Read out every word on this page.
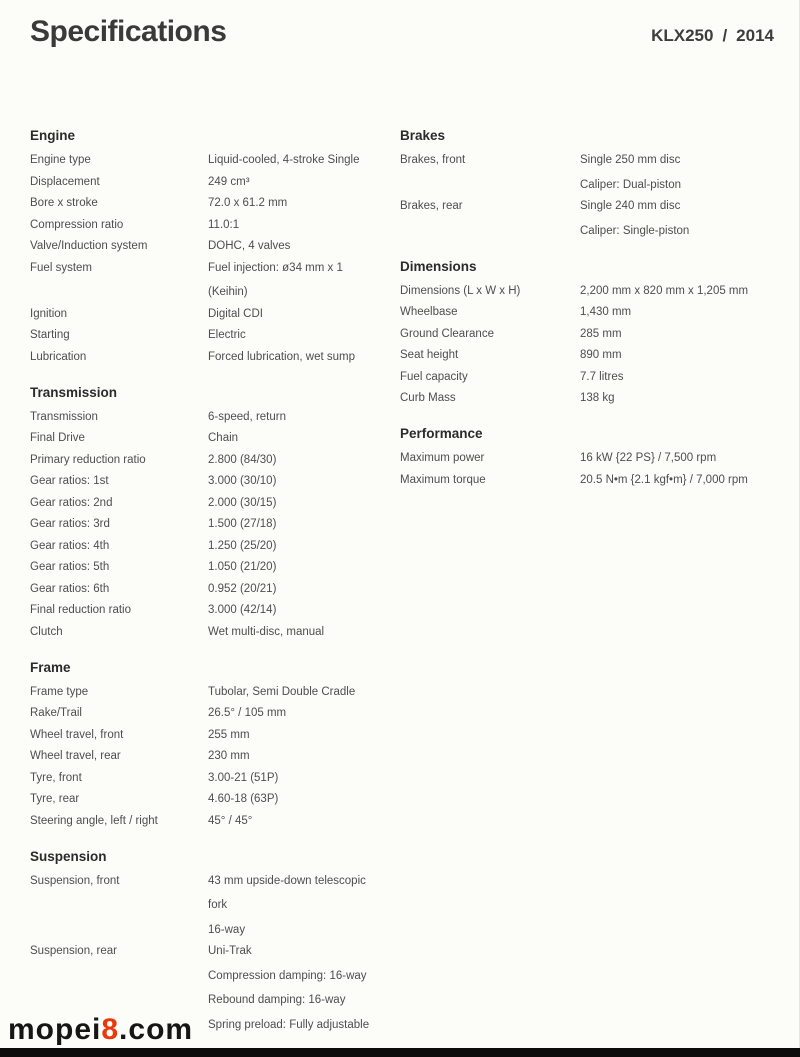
Specifications	KLX250 / 2014
Engine
Engine type	Liquid-cooled, 4-stroke Single
Displacement	249 cm³
Bore x stroke	72.0 x 61.2 mm
Compression ratio	11.0:1
Valve/Induction system	DOHC, 4 valves
Fuel system	Fuel injection: ø34 mm x 1
(Keihin)
Ignition	Digital CDI
Starting	Electric
Lubrication	Forced lubrication, wet sump
Transmission
Transmission	6-speed, return
Final Drive	Chain
Primary reduction ratio	2.800 (84/30)
Gear ratios: 1st	3.000 (30/10)
Gear ratios: 2nd	2.000 (30/15)
Gear ratios: 3rd	1.500 (27/18)
Gear ratios: 4th	1.250 (25/20)
Gear ratios: 5th	1.050 (21/20)
Gear ratios: 6th	0.952 (20/21)
Final reduction ratio	3.000 (42/14)
Clutch	Wet multi-disc, manual
Frame
Frame type	Tubolar, Semi Double Cradle
Rake/Trail	26.5° / 105 mm
Wheel travel, front	255 mm
Wheel travel, rear	230 mm
Tyre, front	3.00-21 (51P)
Tyre, rear	4.60-18 (63P)
Steering angle, left / right	45° / 45°
Suspension
Suspension, front	43 mm upside-down telescopic
fork
16-way
Suspension, rear	Uni-Trak
Compression damping: 16-way
Rebound damping: 16-way
Spring preload: Fully adjustable
Brakes
Brakes, front	Single 250 mm disc
Caliper: Dual-piston
Brakes, rear	Single 240 mm disc
Caliper: Single-piston
Dimensions
Dimensions (L x W x H)	2,200 mm x 820 mm x 1,205 mm
Wheelbase	1,430 mm
Ground Clearance	285 mm
Seat height	890 mm
Fuel capacity	7.7 litres
Curb Mass	138 kg
Performance
Maximum power	16 kW {22 PS} / 7,500 rpm
Maximum torque	20.5 N•m {2.1 kgf•m} / 7,000 rpm
mopei8.com
